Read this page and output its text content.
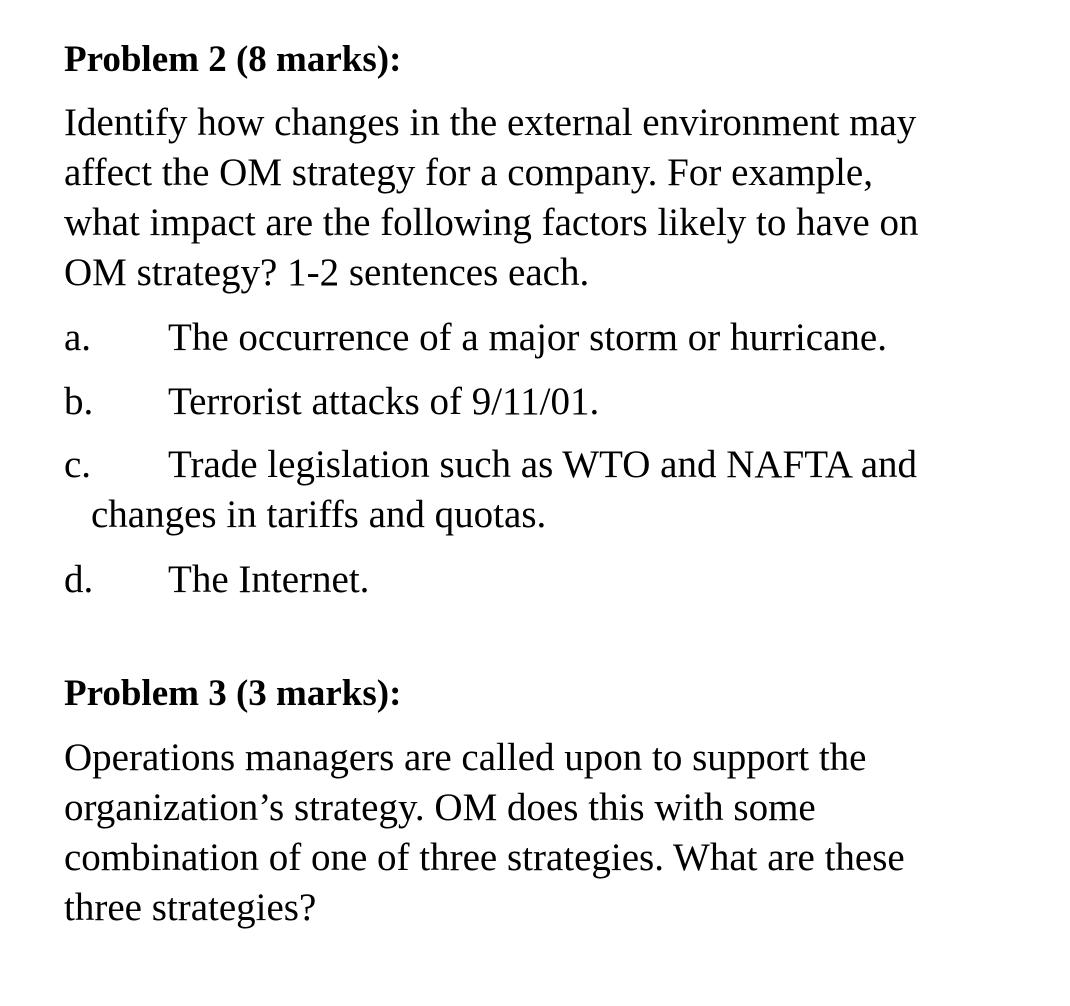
Problem 2 (8 marks):

Identify how changes in the external environment may
affect the OM strategy for a company. For example,
what impact are the following factors likely to have on
OM strategy? 1-2 sentences each.

a. The occurrence of a major storm or hurricane.
b. Terrorist attacks of 9/11/01.
c. Trade legislation such as WTO and NAFTA and
changes in tariffs and quotas.
d. The Internet.
Problem 3 (3 marks):

Operations managers are called upon to support the
organization’s strategy. OM does this with some
combination of one of three strategies. What are these
three strategies?
